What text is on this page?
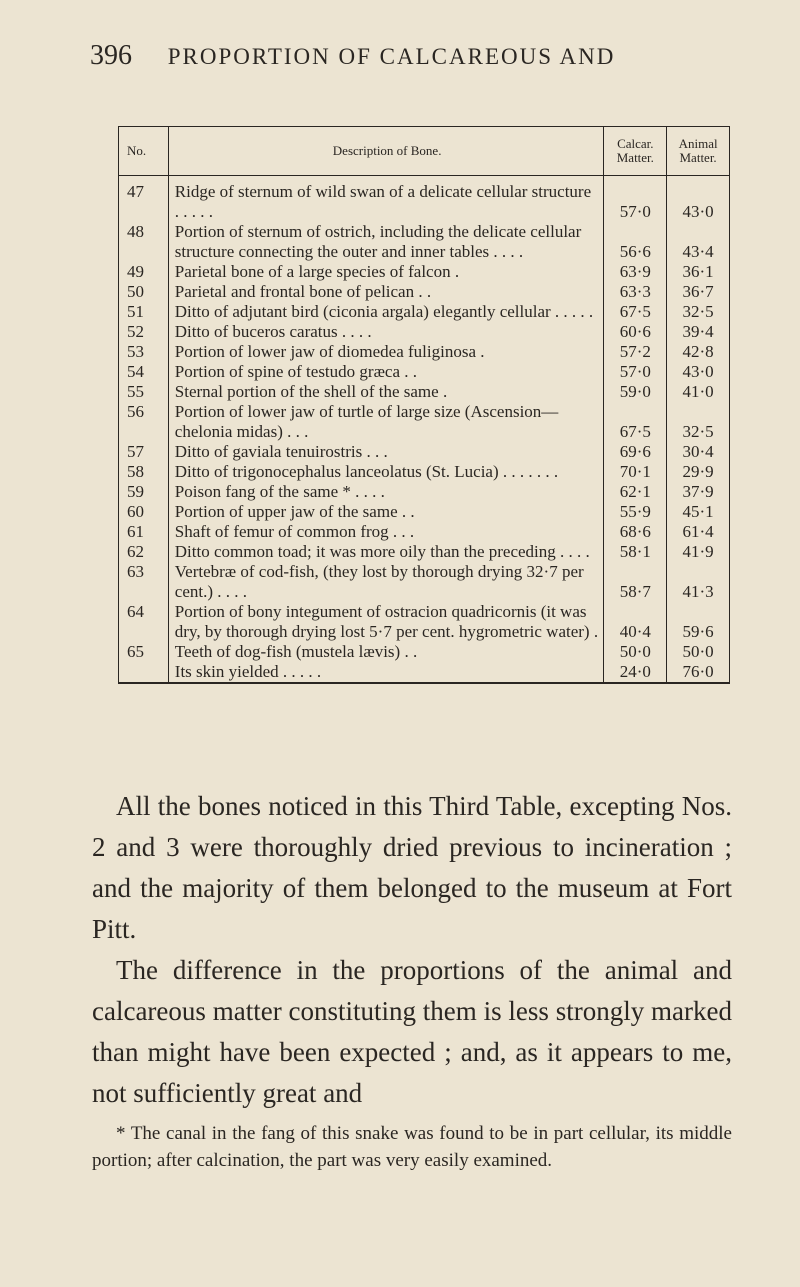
396 PROPORTION OF CALCAREOUS AND
No.	Description of Bone.	Calcar. Matter.	Animal Matter.
47	Ridge of sternum of wild swan of a delicate cellular structure . . . . .	57·0	43·0
48	Portion of sternum of ostrich, including the delicate cellular structure connecting the outer and inner tables . . . .	56·6	43·4
49	Parietal bone of a large species of falcon .	63·9	36·1
50	Parietal and frontal bone of pelican . .	63·3	36·7
51	Ditto of adjutant bird (ciconia argala) elegantly cellular . . . . .	67·5	32·5
52	Ditto of buceros caratus . . . .	60·6	39·4
53	Portion of lower jaw of diomedea fuliginosa .	57·2	42·8
54	Portion of spine of testudo græca . .	57·0	43·0
55	Sternal portion of the shell of the same .	59·0	41·0
56	Portion of lower jaw of turtle of large size (Ascension—chelonia midas) . . .	67·5	32·5
57	Ditto of gaviala tenuirostris . . .	69·6	30·4
58	Ditto of trigonocephalus lanceolatus (St. Lucia) . . . . . . .	70·1	29·9
59	Poison fang of the same * . . . .	62·1	37·9
60	Portion of upper jaw of the same . .	55·9	45·1
61	Shaft of femur of common frog . . .	68·6	61·4
62	Ditto common toad; it was more oily than the preceding . . . .	58·1	41·9
63	Vertebræ of cod-fish, (they lost by thorough drying 32·7 per cent.) . . . .	58·7	41·3
64	Portion of bony integument of ostracion quadricornis (it was dry, by thorough drying lost 5·7 per cent. hygrometric water) .	40·4	59·6
65	Teeth of dog-fish (mustela lævis) . .	50·0	50·0
	Its skin yielded . . . . .	24·0	76·0

All the bones noticed in this Third Table, excepting Nos. 2 and 3 were thoroughly dried previous to incineration ; and the majority of them belonged to the museum at Fort Pitt.

The difference in the proportions of the animal and calcareous matter constituting them is less strongly marked than might have been expected ; and, as it appears to me, not sufficiently great and

* The canal in the fang of this snake was found to be in part cellular, its middle portion; after calcination, the part was very easily examined.
